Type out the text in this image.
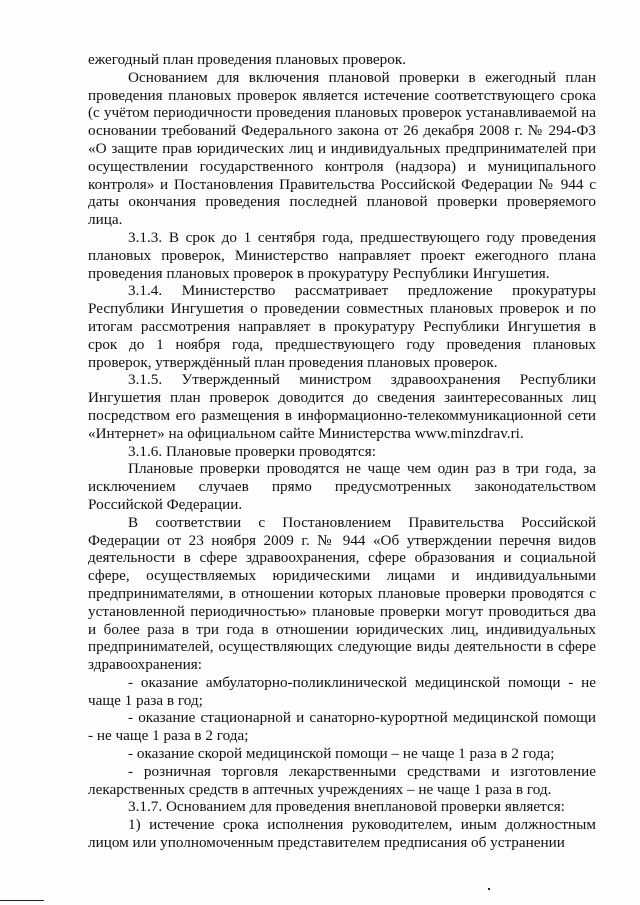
ежегодный план проведения плановых проверок.

Основанием для включения плановой проверки в ежегодный план проведения плановых проверок является истечение соответствующего срока (с учётом периодичности проведения плановых проверок устанавливаемой на основании требований Федерального закона от 26 декабря 2008 г. № 294-ФЗ «О защите прав юридических лиц и индивидуальных предпринимателей при осуществлении государственного контроля (надзора) и муниципального контроля» и Постановления Правительства Российской Федерации № 944 с даты окончания проведения последней плановой проверки проверяемого лица.

3.1.3. В срок до 1 сентября года, предшествующего году проведения плановых проверок, Министерство направляет проект ежегодного плана проведения плановых проверок в прокуратуру Республики Ингушетия.

3.1.4. Министерство рассматривает предложение прокуратуры Республики Ингушетия о проведении совместных плановых проверок и по итогам рассмотрения направляет в прокуратуру Республики Ингушетия в срок до 1 ноября года, предшествующего году проведения плановых проверок, утверждённый план проведения плановых проверок.

3.1.5. Утвержденный министром здравоохранения Республики Ингушетия план проверок доводится до сведения заинтересованных лиц посредством его размещения в информационно-телекоммуникационной сети «Интернет» на официальном сайте Министерства www.minzdrav.ri.

3.1.6. Плановые проверки проводятся:

Плановые проверки проводятся не чаще чем один раз в три года, за исключением случаев прямо предусмотренных законодательством Российской Федерации.

В соответствии с Постановлением Правительства Российской Федерации от 23 ноября 2009 г. № 944 «Об утверждении перечня видов деятельности в сфере здравоохранения, сфере образования и социальной сфере, осуществляемых юридическими лицами и индивидуальными предпринимателями, в отношении которых плановые проверки проводятся с установленной периодичностью» плановые проверки могут проводиться два и более раза в три года в отношении юридических лиц, индивидуальных предпринимателей, осуществляющих следующие виды деятельности в сфере здравоохранения:

- оказание амбулаторно-поликлинической медицинской помощи - не чаще 1 раза в год;

- оказание стационарной и санаторно-курортной медицинской помощи - не чаще 1 раза в 2 года;

- оказание скорой медицинской помощи – не чаще 1 раза в 2 года;

- розничная торговля лекарственными средствами и изготовление лекарственных средств в аптечных учреждениях – не чаще 1 раза в год.

3.1.7. Основанием для проведения внеплановой проверки является:

1) истечение срока исполнения руководителем, иным должностным лицом или уполномоченным представителем предписания об устранении
